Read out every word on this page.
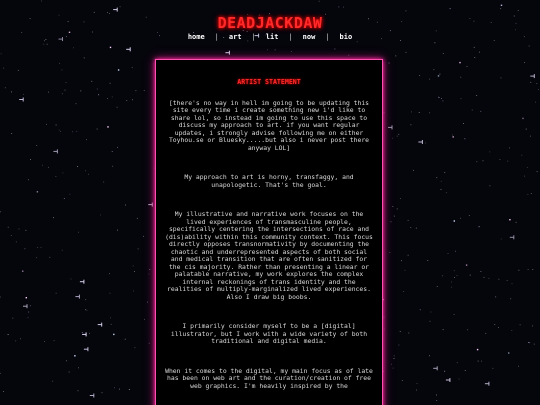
DEADJACKDAW
home	|	art	|	lit	|	now	|	bio
ARTIST STATEMENT

[there's no way in hell im going to be updating this site every time i create something new i'd like to share lol, so instead im going to use this space to discuss my approach to art. if you want regular updates, i strongly advise following me on either Toyhou.se or Bluesky.....but also i never post there anyway LOL]

My approach to art is horny, transfaggy, and unapologetic. That's the goal.

My illustrative and narrative work focuses on the lived experiences of transmasculine people, specifically centering the intersections of race and (dis)ability within this community context. This focus directly opposes transnormativity by documenting the chaotic and underrepresented aspects of both social and medical transition that are often sanitized for the cis majority. Rather than presenting a linear or palatable narrative, my work explores the complex internal reckonings of trans identity and the realities of multiply-marginalized lived experiences. Also I draw big boobs.

I primarily consider myself to be a [digital] illustrator, but I work with a wide variety of both traditional and digital media.

When it comes to the digital, my main focus as of late has been on web art and the curation/creation of free web graphics. I'm heavily inspired by the
